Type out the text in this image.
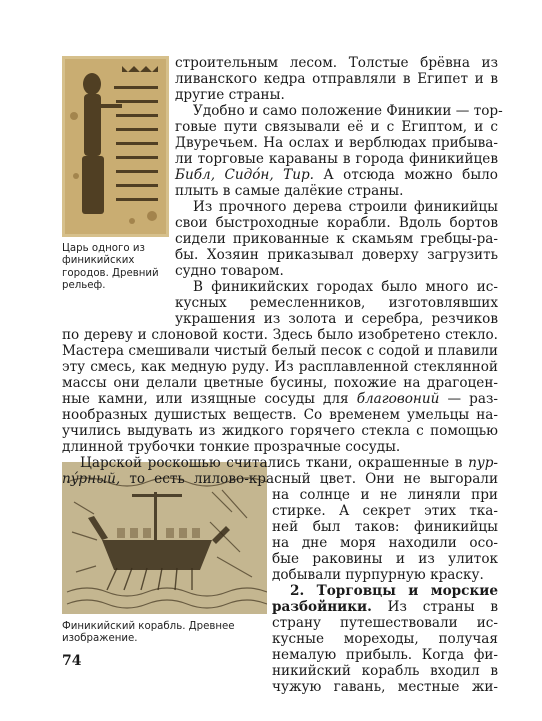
Царь одного из финикийских городов. Древний рельеф.
Финикийский корабль. Древнее изображение.
строительным лесом. Толстые брёвна из
ливанского кедра отправляли в Египет и в
другие страны.
Удобно и само положение Финикии — тор-
говые пути связывали её и с Египтом, и с
Двуречьем. На ослах и верблюдах прибыва-
ли торговые караваны в города финикийцев
Библ, Сидóн, Тир. А отсюда можно было
плыть в самые далёкие страны.
Из прочного дерева строили финикийцы
свои быстроходные корабли. Вдоль бортов
сидели прикованные к скамьям гребцы-ра-
бы. Хозяин приказывал доверху загрузить
судно товаром.
В финикийских городах было много ис-
кусных ремесленников, изготовлявших
украшения из золота и серебра, резчиков
по дереву и слоновой кости. Здесь было изобретено стекло.
Мастера смешивали чистый белый песок с содой и плавили
эту смесь, как медную руду. Из расплавленной стеклянной
массы они делали цветные бусины, похожие на драгоцен-
ные камни, или изящные сосуды для благовоний — раз-
нообразных душистых веществ. Со временем умельцы на-
учились выдувать из жидкого горячего стекла с помощью
длинной трубочки тонкие прозрачные сосуды.
Царской роскошью считались ткани, окрашенные в пур-
пýрный, то есть лилово-красный цвет. Они не выгорали
на солнце и не линяли при
стирке. А секрет этих тка-
ней был таков: финикийцы
на дне моря находили осо-
бые раковины и из улиток
добывали пурпурную краску.
2. Торговцы и морские
разбойники. Из страны в
страну путешествовали ис-
кусные мореходы, получая
немалую прибыль. Когда фи-
никийский корабль входил в
чужую гавань, местные жи-
74
